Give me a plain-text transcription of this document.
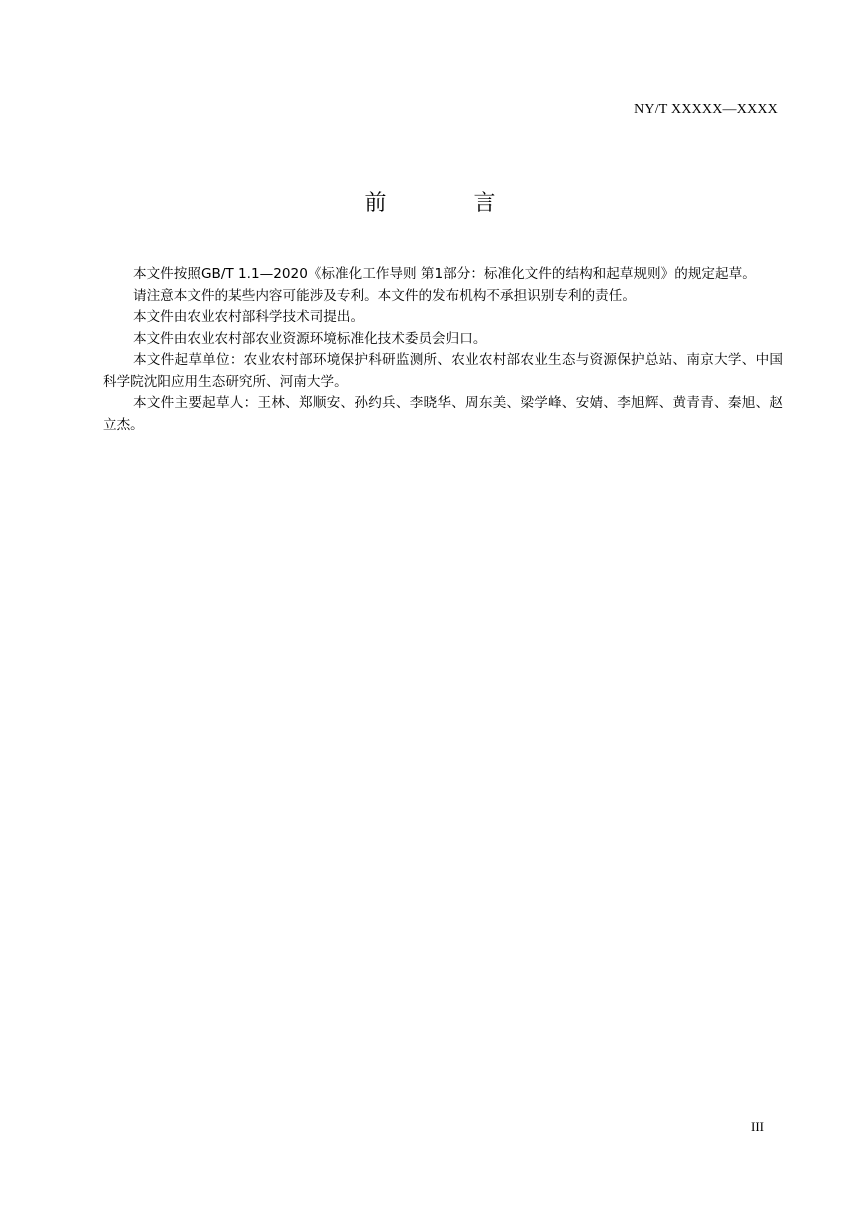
NY/T XXXXX—XXXX
前 言

本文件按照GB/T 1.1—2020《标准化工作导则 第1部分：标准化文件的结构和起草规则》的规定起草。

请注意本文件的某些内容可能涉及专利。本文件的发布机构不承担识别专利的责任。

本文件由农业农村部科学技术司提出。

本文件由农业农村部农业资源环境标准化技术委员会归口。

本文件起草单位：农业农村部环境保护科研监测所、农业农村部农业生态与资源保护总站、南京大学、中国科学院沈阳应用生态研究所、河南大学。

本文件主要起草人：王林、郑顺安、孙约兵、李晓华、周东美、梁学峰、安婧、李旭辉、黄青青、秦旭、赵立杰。

III
